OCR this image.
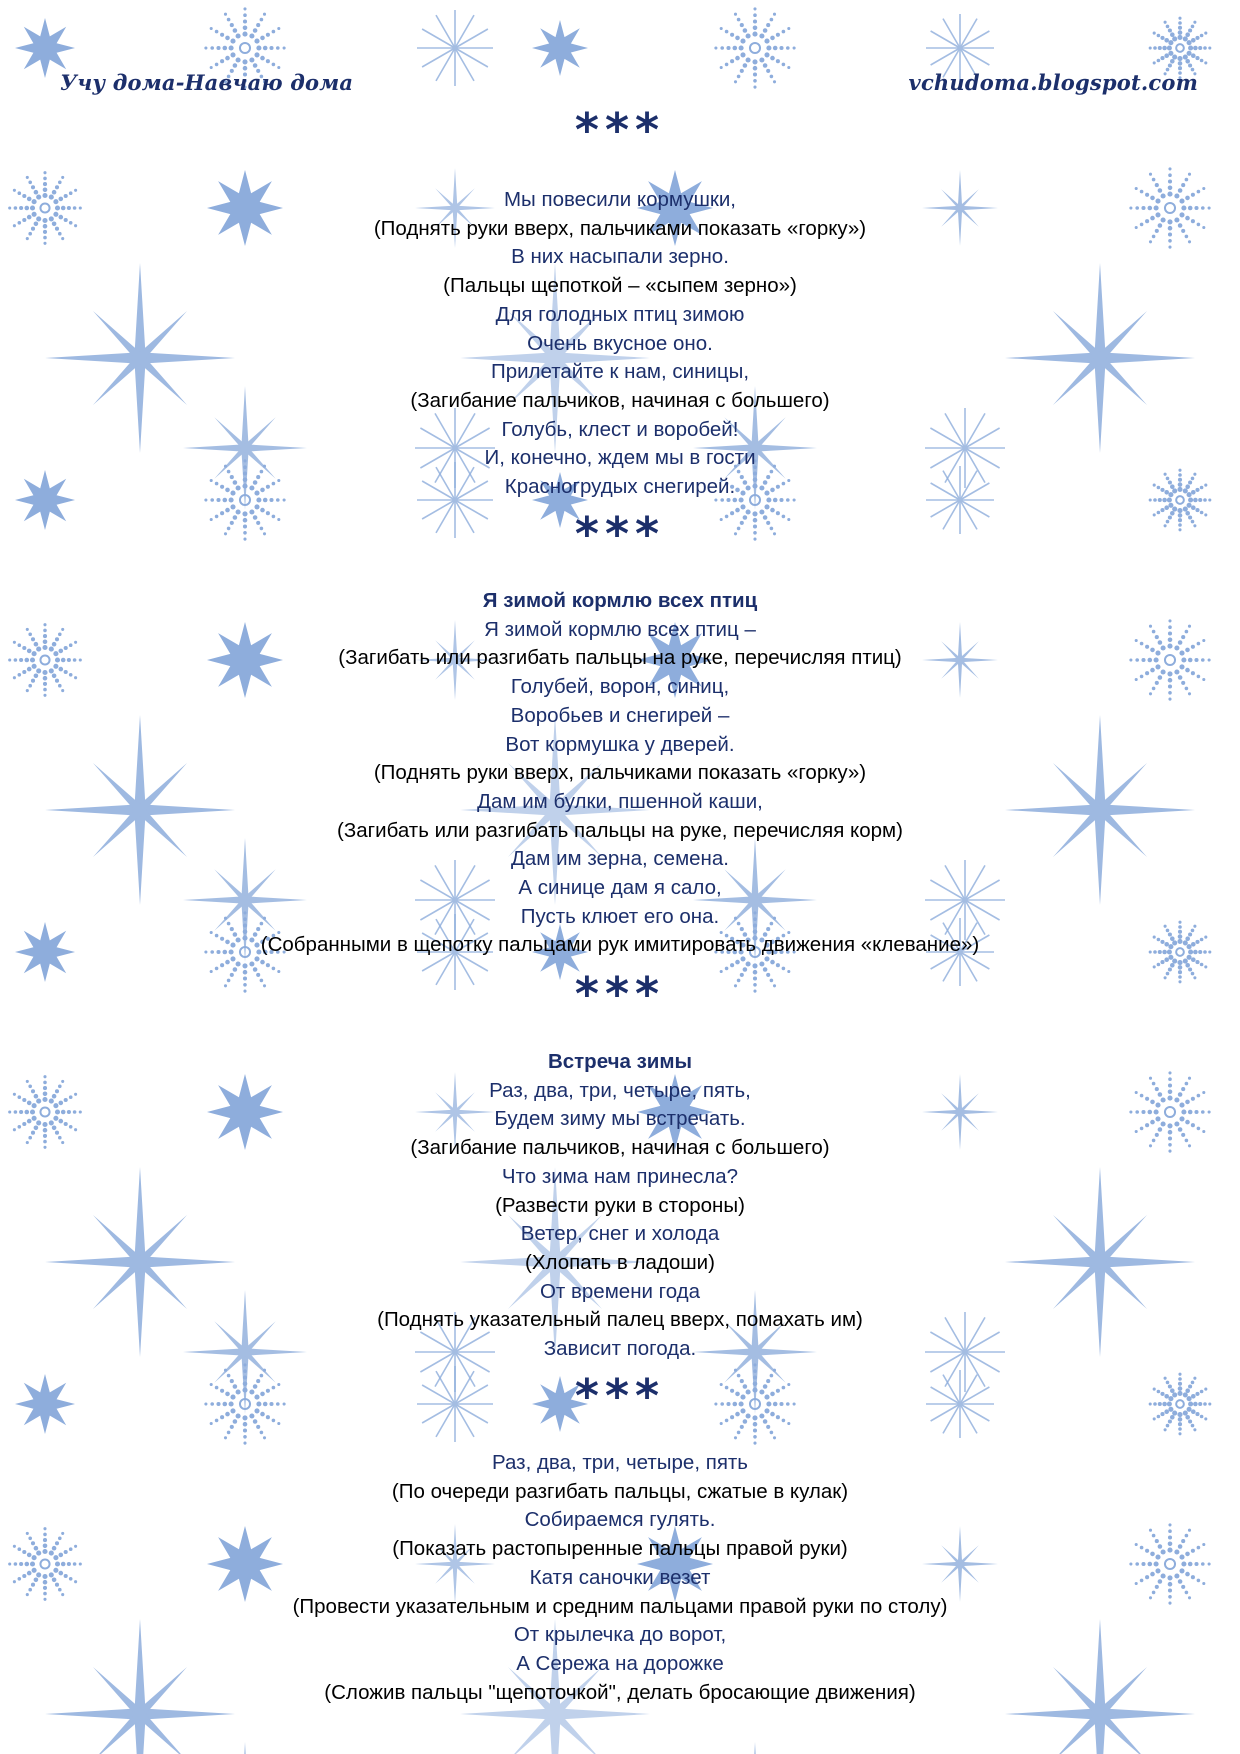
Учу дома-Навчаю дома	vchudoma.blogspot.com
***
Мы повесили кормушки,
(Поднять руки вверх, пальчиками показать «горку»)
В них насыпали зерно.
(Пальцы щепоткой – «сыпем зерно»)
Для голодных птиц зимою
Очень вкусное оно.
Прилетайте к нам, синицы,
(Загибание пальчиков, начиная с большего)
Голубь, клест и воробей!
И, конечно, ждем мы в гости
Красногрудых снегирей.
***
Я зимой кормлю всех птиц
Я зимой кормлю всех птиц –
(Загибать или разгибать пальцы на руке, перечисляя птиц)
Голубей, ворон, синиц,
Воробьев и снегирей –
Вот кормушка у дверей.
(Поднять руки вверх, пальчиками показать «горку»)
Дам им булки, пшенной каши,
(Загибать или разгибать пальцы на руке, перечисляя корм)
Дам им зерна, семена.
А синице дам я сало,
Пусть клюет его она.
(Собранными в щепотку пальцами рук имитировать движения «клевание»)
***
Встреча зимы
Раз, два, три, четыре, пять,
Будем зиму мы встречать.
(Загибание пальчиков, начиная с большего)
Что зима нам принесла?
(Развести руки в стороны)
Ветер, снег и холода
(Хлопать в ладоши)
От времени года
(Поднять указательный палец вверх, помахать им)
Зависит погода.
***
Раз, два, три, четыре, пять
(По очереди разгибать пальцы, сжатые в кулак)
Собираемся гулять.
(Показать растопыренные пальцы правой руки)
Катя саночки везет
(Провести указательным и средним пальцами правой руки по столу)
От крылечка до ворот,
А Сережа на дорожке
(Сложив пальцы "щепоточкой", делать бросающие движения)
